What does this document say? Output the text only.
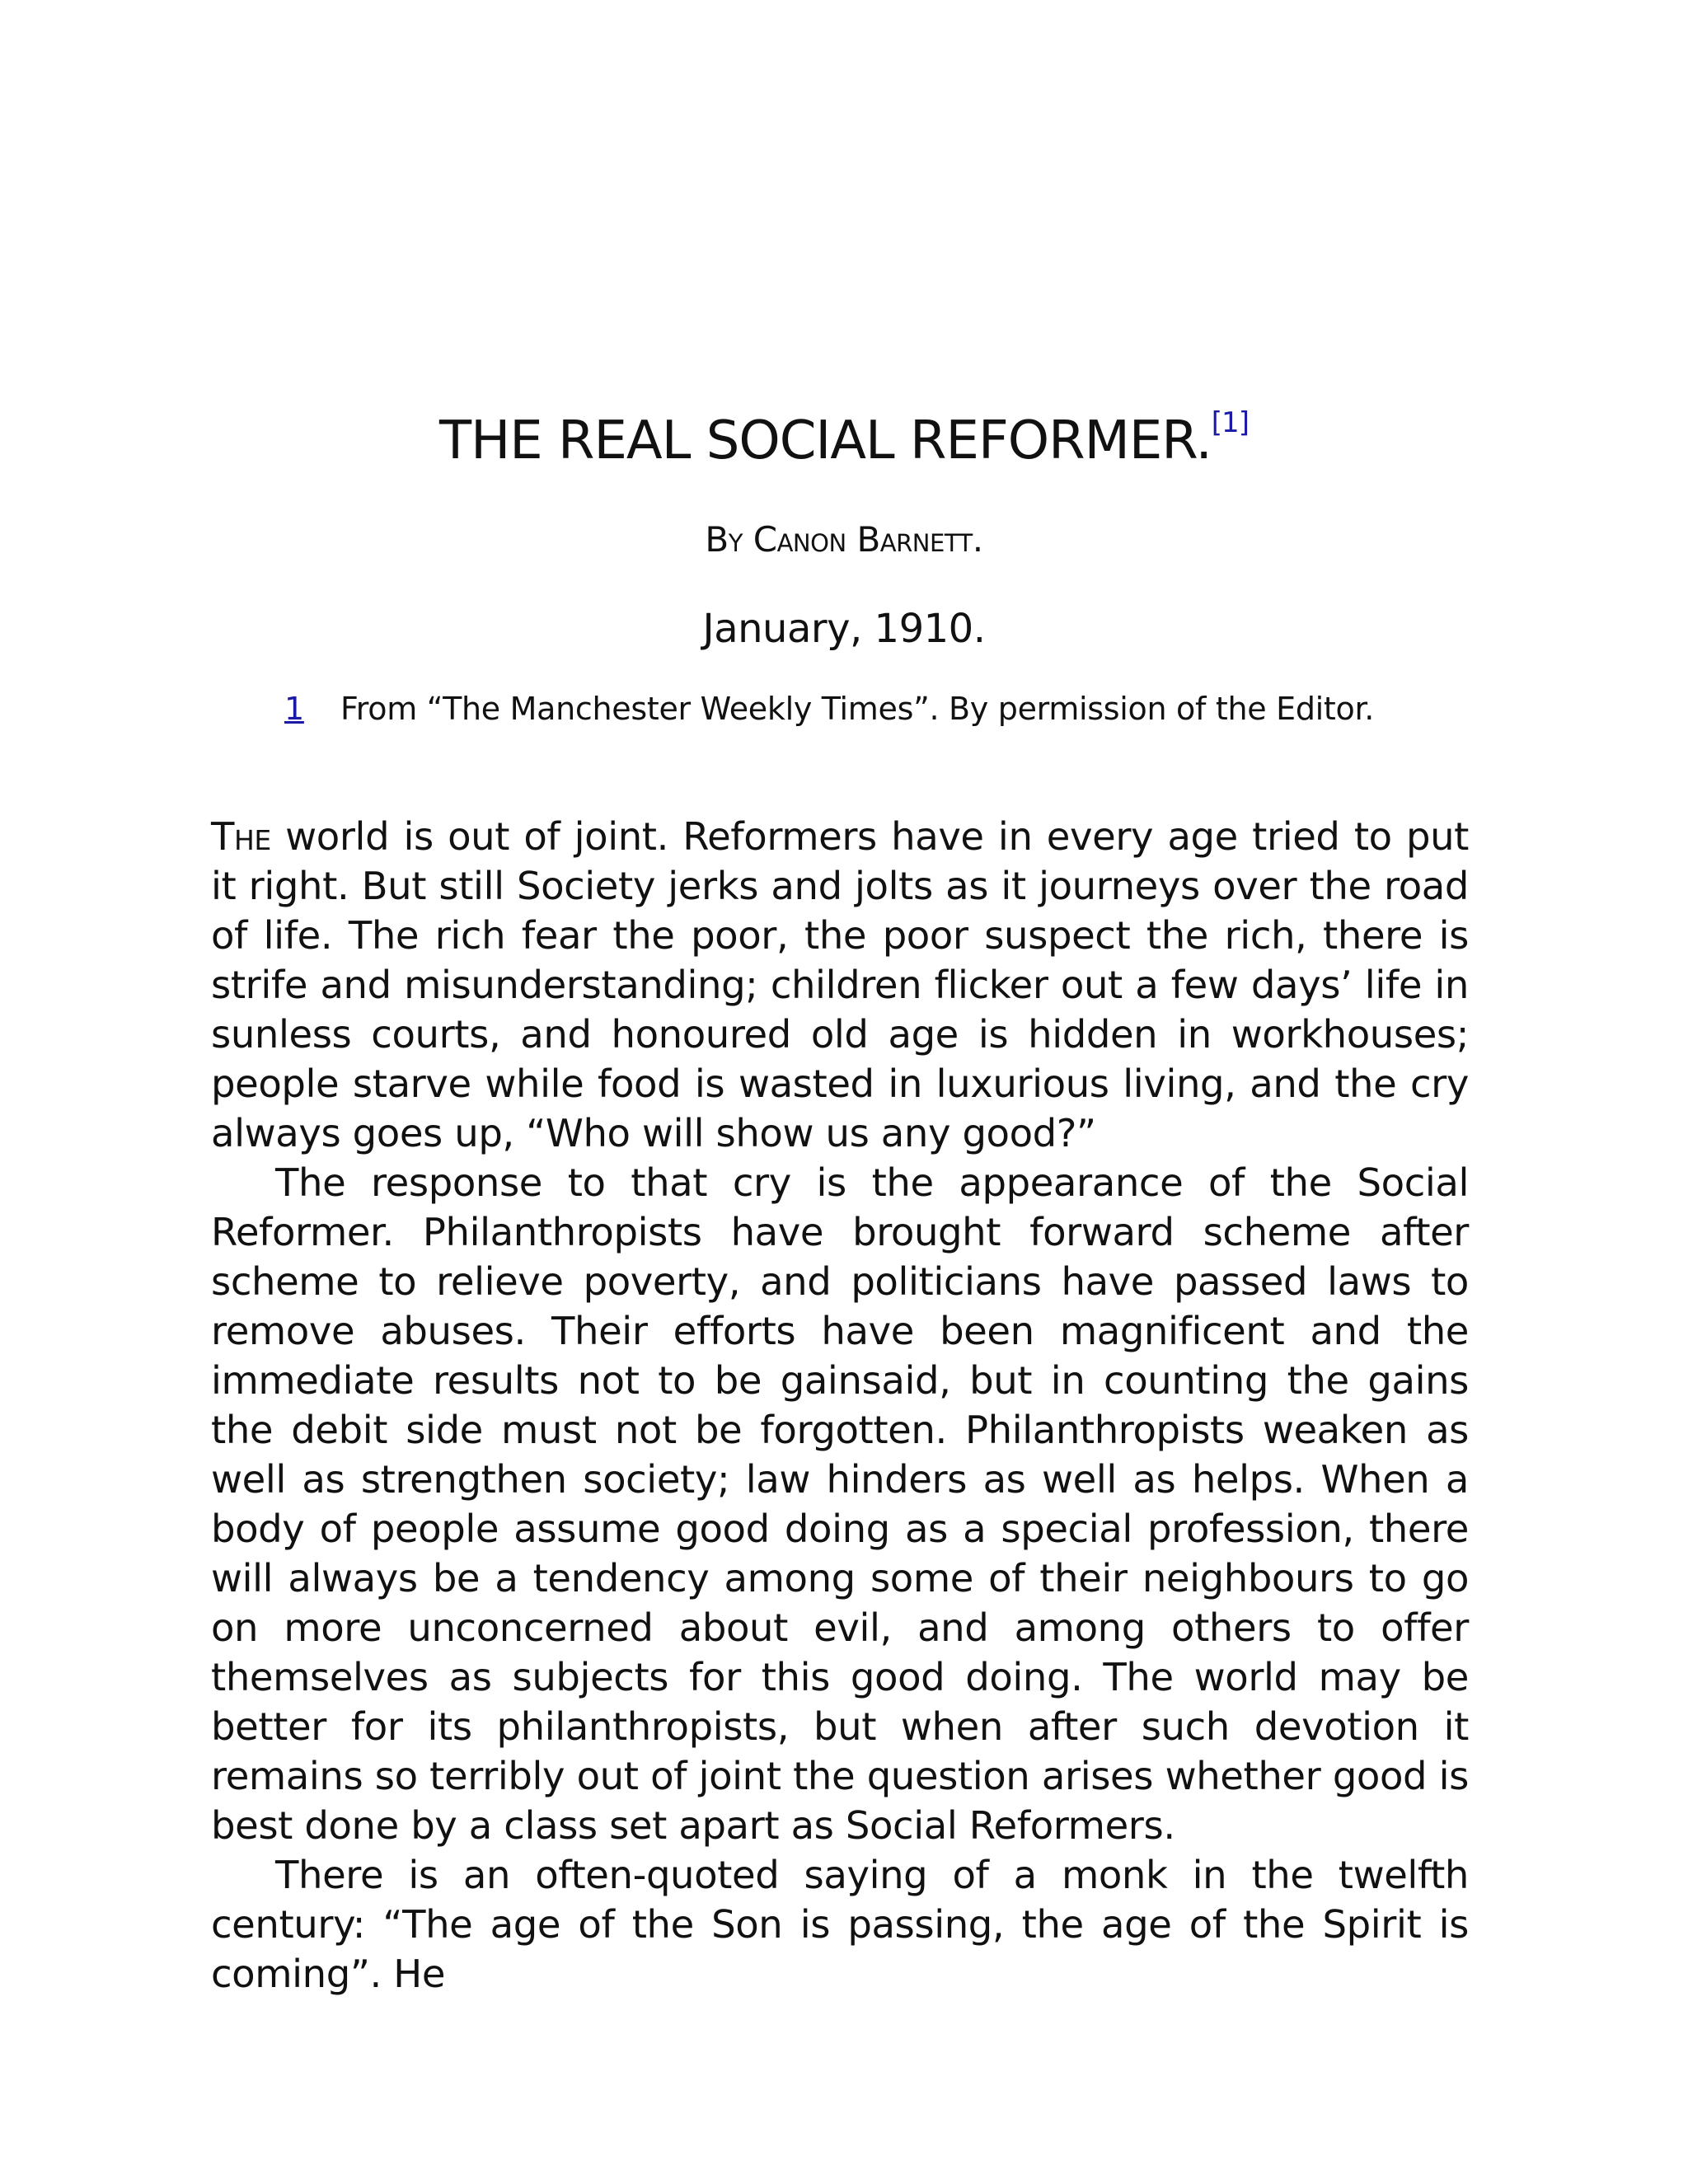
THE REAL SOCIAL REFORMER.[1]
By Canon Barnett.
January, 1910.
1 From “The Manchester Weekly Times”. By permission of the Editor.

The world is out of joint. Reformers have in every age tried to put it right. But still Society jerks and jolts as it journeys over the road of life. The rich fear the poor, the poor suspect the rich, there is strife and misunderstanding; children flicker out a few days’ life in sunless courts, and honoured old age is hidden in workhouses; people starve while food is wasted in luxurious living, and the cry always goes up, “Who will show us any good?”

The response to that cry is the appearance of the Social Reformer. Philanthropists have brought forward scheme after scheme to relieve poverty, and politicians have passed laws to remove abuses. Their efforts have been magnificent and the immediate results not to be gainsaid, but in counting the gains the debit side must not be forgotten. Philanthropists weaken as well as strengthen society; law hinders as well as helps. When a body of people assume good doing as a special profession, there will always be a tendency among some of their neighbours to go on more unconcerned about evil, and among others to offer themselves as subjects for this good doing. The world may be better for its philanthropists, but when after such devotion it remains so terribly out of joint the question arises whether good is best done by a class set apart as Social Reformers.

There is an often-quoted saying of a monk in the twelfth century: “The age of the Son is passing, the age of the Spirit is coming”. He
